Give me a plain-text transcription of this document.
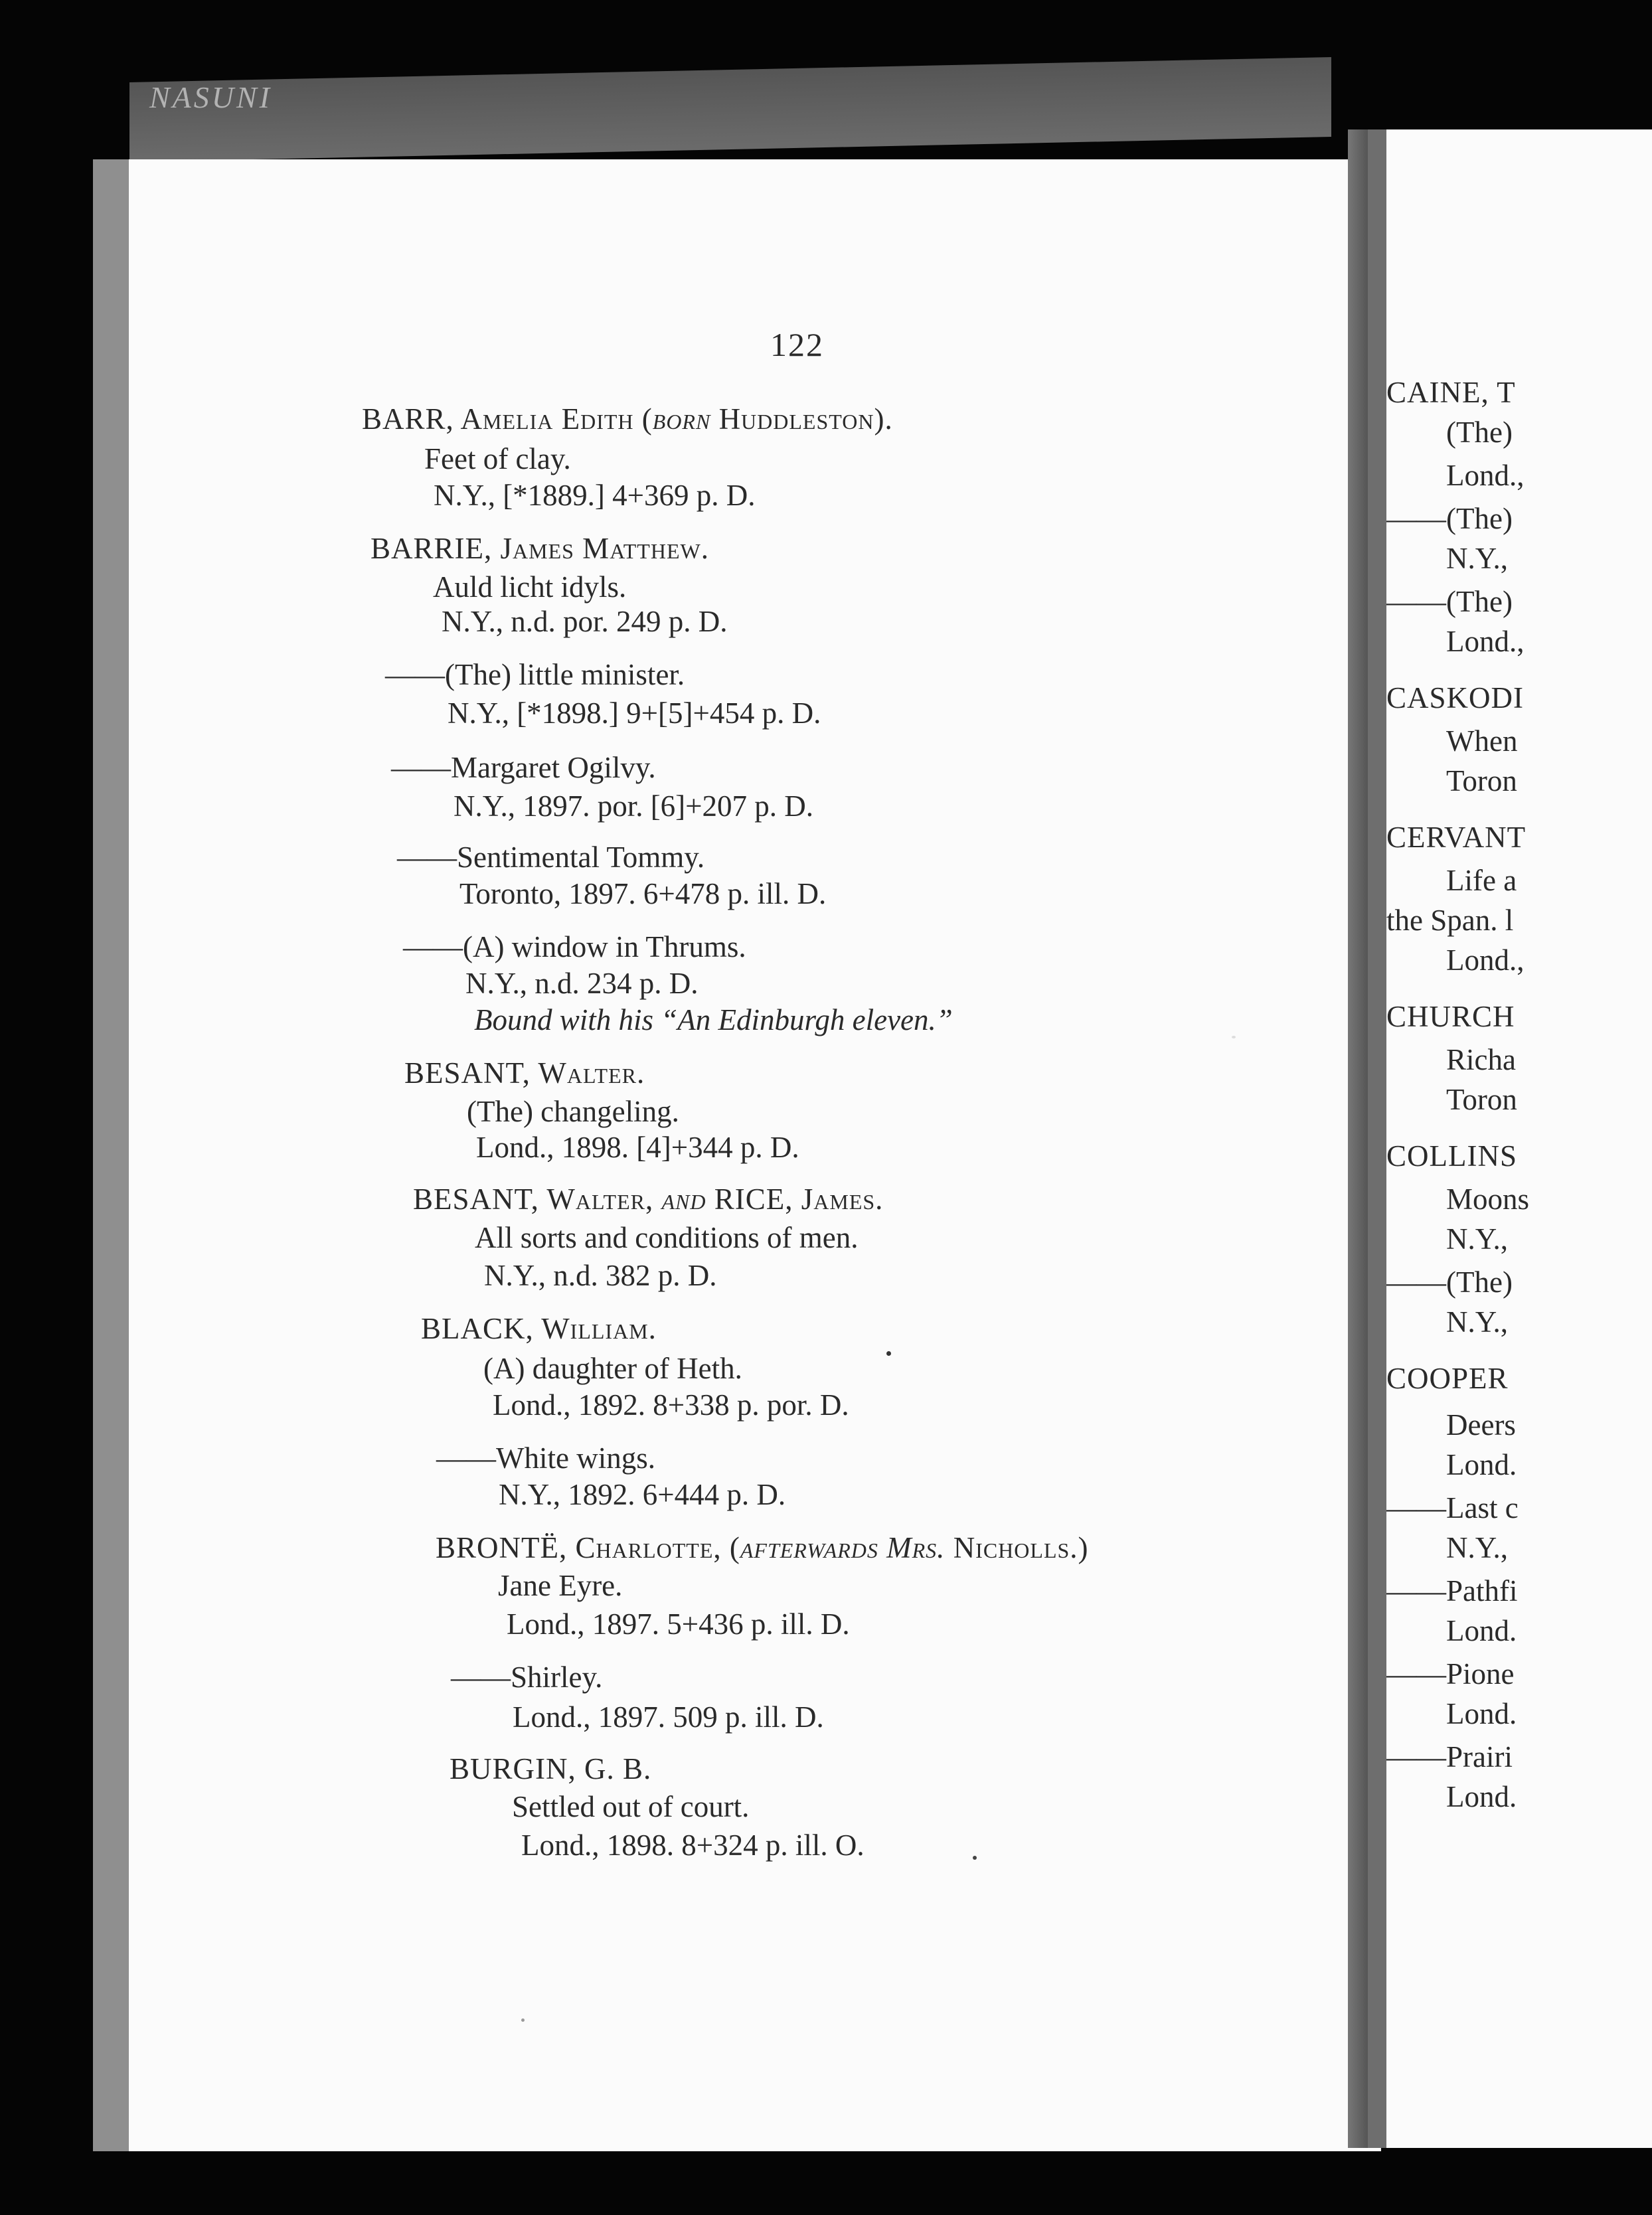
NASUNI
CAINE, T
(The)
Lond.,
——(The)
N.Y.,
——(The)
Lond.,
CASKODI
When
Toron
CERVANT
Life a
the Span. l
Lond.,
CHURCH
Richa
Toron
COLLINS
Moons
N.Y.,
——(The)
N.Y.,
COOPER
Deers
Lond.
——Last c
N.Y.,
——Pathfi
Lond.
——Pione
Lond.
——Prairi
Lond.
122
BARR, Amelia Edith (born Huddleston).
Feet of clay.
N.Y., [*1889.] 4+369 p. D.
BARRIE, James Matthew.
Auld licht idyls.
N.Y., n.d. por. 249 p. D.
——(The) little minister.
N.Y., [*1898.] 9+[5]+454 p. D.
——Margaret Ogilvy.
N.Y., 1897. por. [6]+207 p. D.
——Sentimental Tommy.
Toronto, 1897. 6+478 p. ill. D.
——(A) window in Thrums.
N.Y., n.d. 234 p. D.
Bound with his “An Edinburgh eleven.”
BESANT, Walter.
(The) changeling.
Lond., 1898. [4]+344 p. D.
BESANT, Walter, and RICE, James.
All sorts and conditions of men.
N.Y., n.d. 382 p. D.
BLACK, William.
(A) daughter of Heth.
Lond., 1892. 8+338 p. por. D.
——White wings.
N.Y., 1892. 6+444 p. D.
BRONTË, Charlotte, (afterwards Mrs. Nicholls.)
Jane Eyre.
Lond., 1897. 5+436 p. ill. D.
——Shirley.
Lond., 1897. 509 p. ill. D.
BURGIN, G. B.
Settled out of court.
Lond., 1898. 8+324 p. ill. O.
